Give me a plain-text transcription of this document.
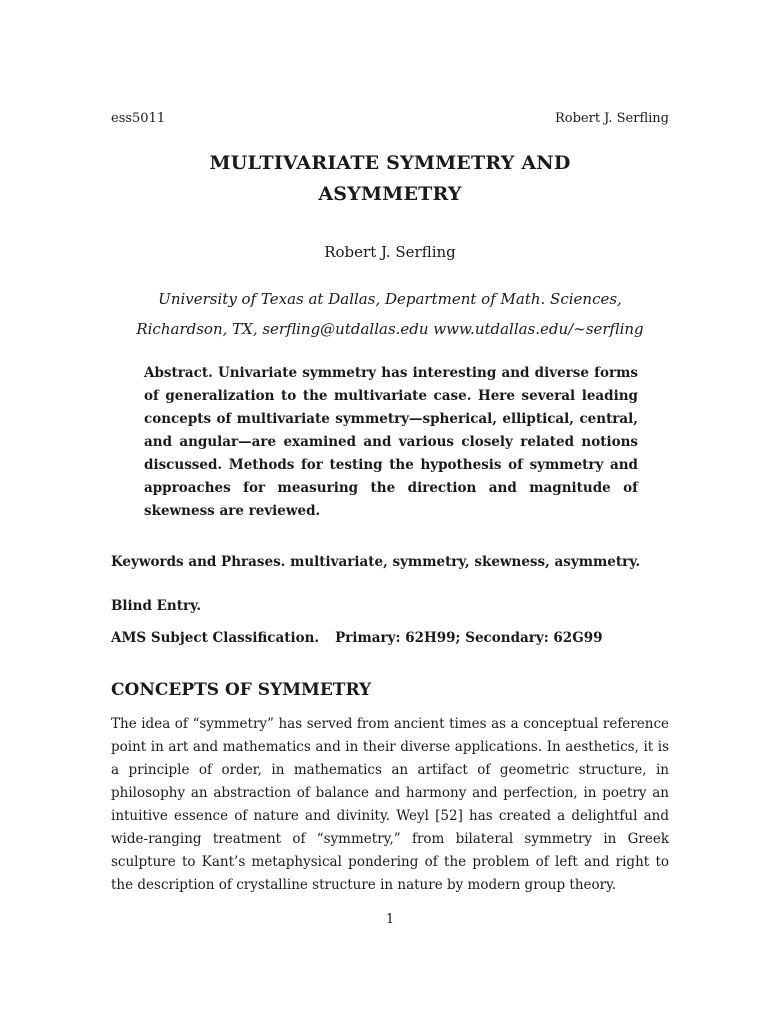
ess5011	Robert J. Serfling
MULTIVARIATE SYMMETRY AND
ASYMMETRY
Robert J. Serfling
University of Texas at Dallas, Department of Math. Sciences,
Richardson, TX, serfling@utdallas.edu www.utdallas.edu/∼serfling
Abstract. Univariate symmetry has interesting and diverse forms of generalization to the multivariate case. Here several leading concepts of multivariate symmetry—spherical, elliptical, central, and angular—are examined and various closely related notions discussed. Methods for testing the hypothesis of symmetry and approaches for measuring the direction and magnitude of skewness are reviewed.
Keywords and Phrases. multivariate, symmetry, skewness, asymmetry.
Blind Entry.
AMS Subject Classification. Primary: 62H99; Secondary: 62G99
CONCEPTS OF SYMMETRY
The idea of “symmetry” has served from ancient times as a conceptual reference point in art and mathematics and in their diverse applications. In aesthetics, it is a principle of order, in mathematics an artifact of geometric structure, in philosophy an abstraction of balance and harmony and perfection, in poetry an intuitive essence of nature and divinity. Weyl [52] has created a delightful and wide-ranging treatment of “symmetry,” from bilateral symmetry in Greek sculpture to Kant’s metaphysical pondering of the problem of left and right to the description of crystalline structure in nature by modern group theory.
1
